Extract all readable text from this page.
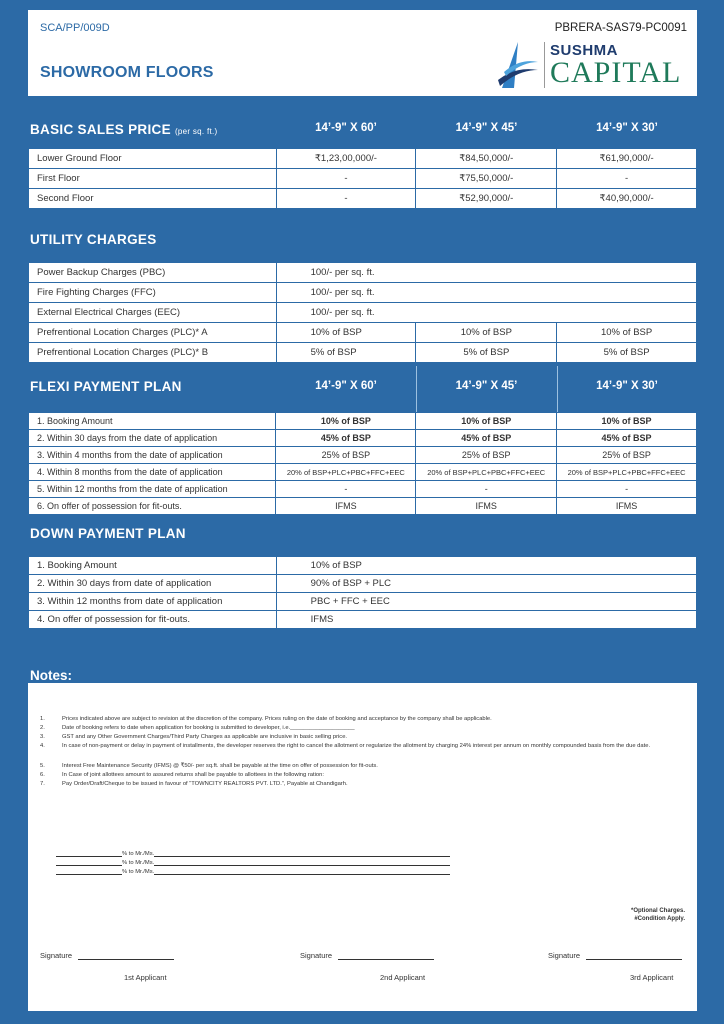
SCA/PP/009D
SHOWROOM FLOORS
PBRERA-SAS79-PC0091
SUSHMA
CAPITAL
BASIC SALES PRICE (per sq. ft.)	14’-9" X 60’	14’-9" X 45’	14’-9" X 30’
Lower Ground Floor	₹1,23,00,000/-	₹84,50,000/-	₹61,90,000/-
First Floor	-	₹75,50,000/-	-
Second Floor	-	₹52,90,000/-	₹40,90,000/-
UTILITY CHARGES
Power Backup Charges (PBC)	100/- per sq. ft.		
Fire Fighting Charges (FFC)	100/- per sq. ft.		
External Electrical Charges (EEC)	100/- per sq. ft.		
Prefrentional Location Charges (PLC)* A	10% of BSP	10% of BSP	10% of BSP
Prefrentional Location Charges (PLC)* B	5% of BSP	5% of BSP	5% of BSP
FLEXI PAYMENT PLAN	14’-9" X 60’	14’-9" X 45’	14’-9" X 30’
1. Booking Amount	10% of BSP	10% of BSP	10% of BSP
2. Within 30 days from the date of application	45% of BSP	45% of BSP	45% of BSP
3. Within 4 months from the date of application	25% of BSP	25% of BSP	25% of BSP
4. Within 8 months from the date of application	20% of BSP+PLC+PBC+FFC+EEC	20% of BSP+PLC+PBC+FFC+EEC	20% of BSP+PLC+PBC+FFC+EEC
5. Within 12 months from the date of application	-	-	-
6. On offer of possession for fit-outs.	IFMS	IFMS	IFMS
DOWN PAYMENT PLAN
1. Booking Amount	10% of BSP
2. Within 30 days from date of application	90% of BSP + PLC
3. Within 12 months from date of application	PBC + FFC + EEC
4. On offer of possession for fit-outs.	IFMS
Notes:
1.	Prices indicated above are subject to revision at the discretion of the company. Prices ruling on the date of booking and acceptance by the company shall be applicable.
2.	Date of booking refers to date when application for booking is submitted to developer, i.e.____________________
3.	GST and any Other Government Charges/Third Party Charges as applicable are inclusive in basic selling price.
4.	In case of non-payment or delay in payment of installments, the developer reserves the right to cancel the allotment or regularize the allotment by charging 24% interest per annum on monthly compounded basis from the due date.
5.	Interest Free Maintenance Security (IFMS) @ ₹50/- per sq.ft. shall be payable at the time on offer of possession for fit-outs.
6.	In Case of joint allottees amount to assured returns shall be payable to allottees in the following ration:
7.	Pay Order/Draft/Cheque to be issued in favour of “TOWNCITY REALTORS PVT. LTD.”, Payable at Chandigarh.
% to Mr./Ms.
% to Mr./Ms.
% to Mr./Ms.
*Optional Charges.
#Condition Apply.
Signature	Signature	Signature
1st Applicant	2nd Applicant	3rd Applicant
